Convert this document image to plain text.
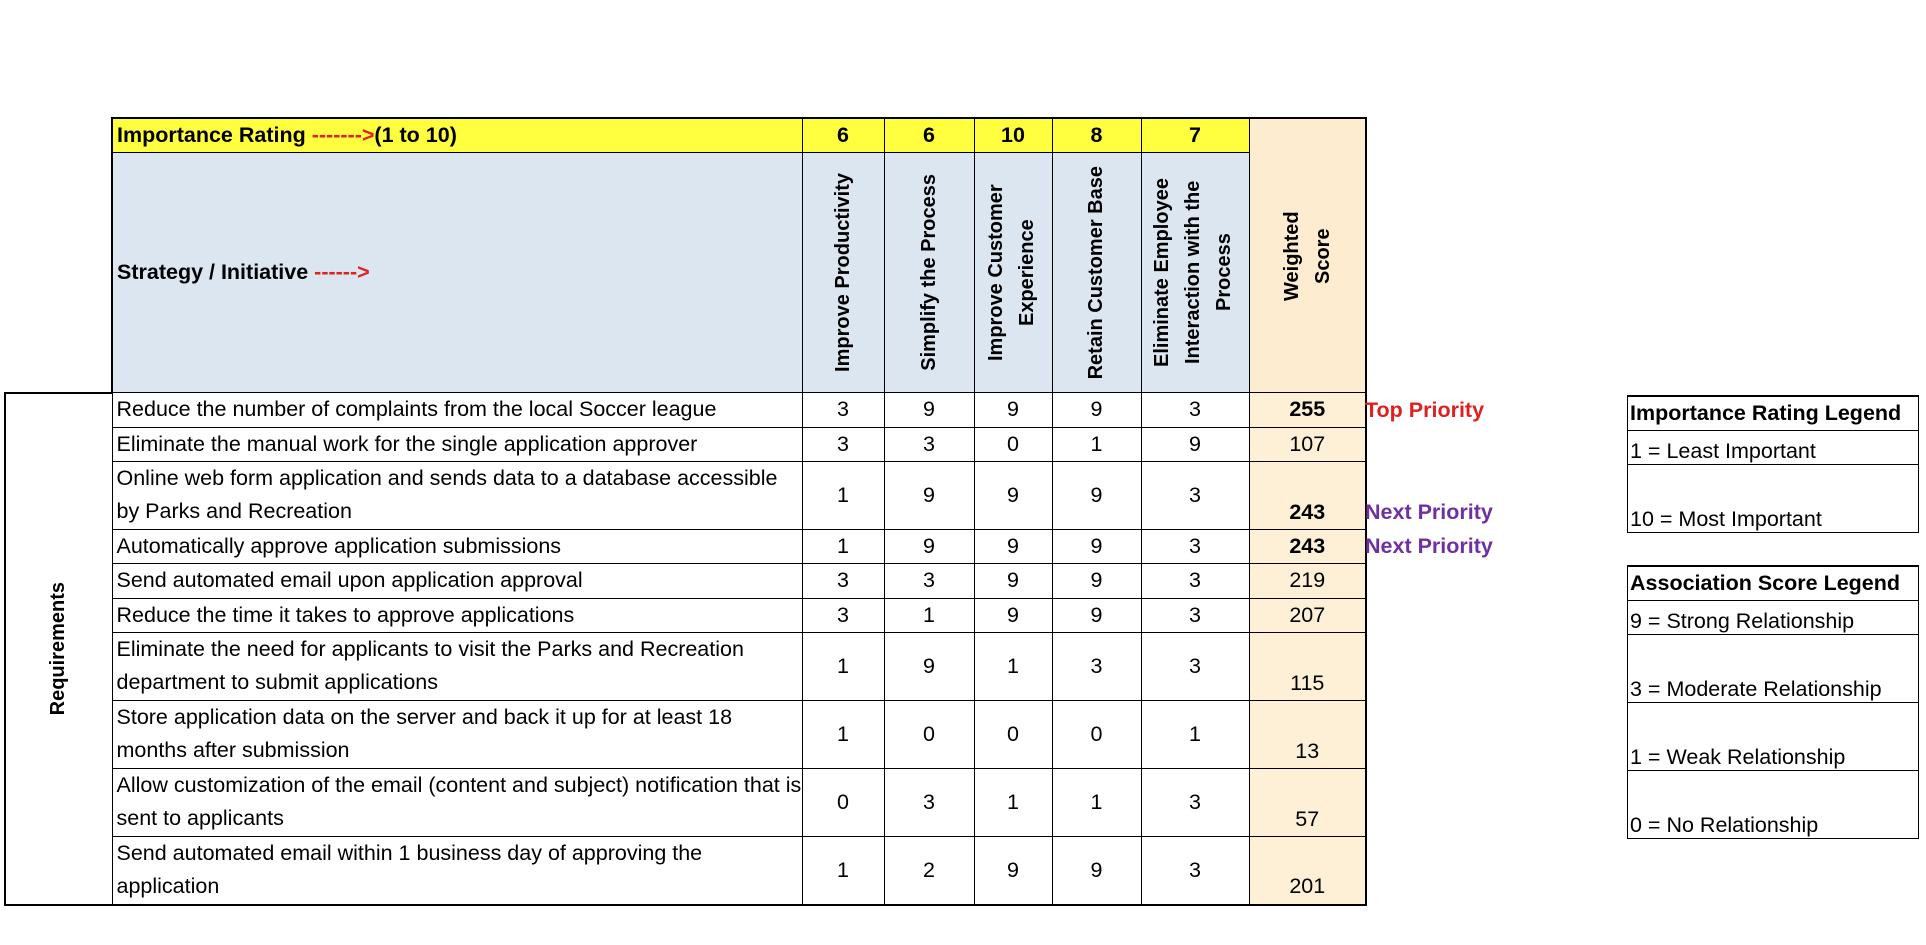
	Importance Rating ------->(1 to 10)	6	6	10	8	7	Weighted Score

	Strategy / Initiative ------>	Improve Productivity	Simplify the Process	Improve Customer Experience	Retain Customer Base	Eliminate Employee Interaction with the Process	

Requirements	Reduce the number of complaints from the local Soccer league	3	9	9	9	3	255
	Eliminate the manual work for the single application approver	3	3	0	1	9	107
	Online web form application and sends data to a database accessible by Parks and Recreation	1	9	9	9	3	243
	Automatically approve application submissions	1	9	9	9	3	243
	Send automated email upon application approval	3	3	9	9	3	219
	Reduce the time it takes to approve applications	3	1	9	9	3	207
	Eliminate the need for applicants to visit the Parks and Recreation department to submit applications	1	9	1	3	3	115
	Store application data on the server and back it up for at least 18 months after submission	1	0	0	0	1	13
	Allow customization of the email (content and subject) notification that is sent to applicants	0	3	1	1	3	57
	Send automated email within 1 business day of approving the application	1	2	9	9	3	201
Top Priority
Next Priority
Next Priority
Importance Rating Legend
1 = Least Important
10 = Most Important
Association Score Legend
9 = Strong Relationship
3 = Moderate Relationship
1 = Weak Relationship
0 = No Relationship
